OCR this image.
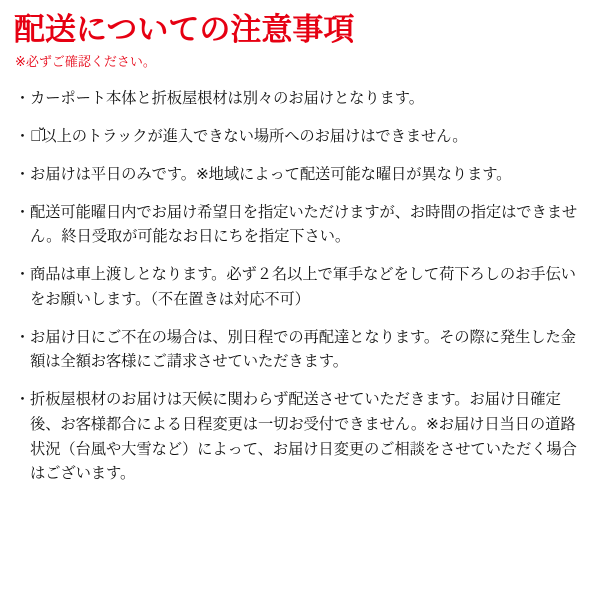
配送についての注意事項
※必ずご確認ください。
・ カーポート本体と折板屋根材は別々のお届けとなります。
・ ４ﬞ以上のトラックが進入できない場所へのお届けはできません。
・ お届けは平日のみです。※地域によって配送可能な曜日が異なります。
・ 配送可能曜日内でお届け希望日を指定いただけますが、お時間の指定はできません。終日受取が可能なお日にちを指定下さい。
・ 商品は車上渡しとなります。必ず２名以上で軍手などをして荷下ろしのお手伝いをお願いします。（不在置きは対応不可）
・ お届け日にご不在の場合は、別日程での再配達となります。その際に発生した金額は全額お客様にご請求させていただきます。
・ 折板屋根材のお届けは天候に関わらず配送させていただきます。お届け日確定後、お客様都合による日程変更は一切お受付できません。※お届け日当日の道路状況（台風や大雪など）によって、お届け日変更のご相談をさせていただく場合はございます。
